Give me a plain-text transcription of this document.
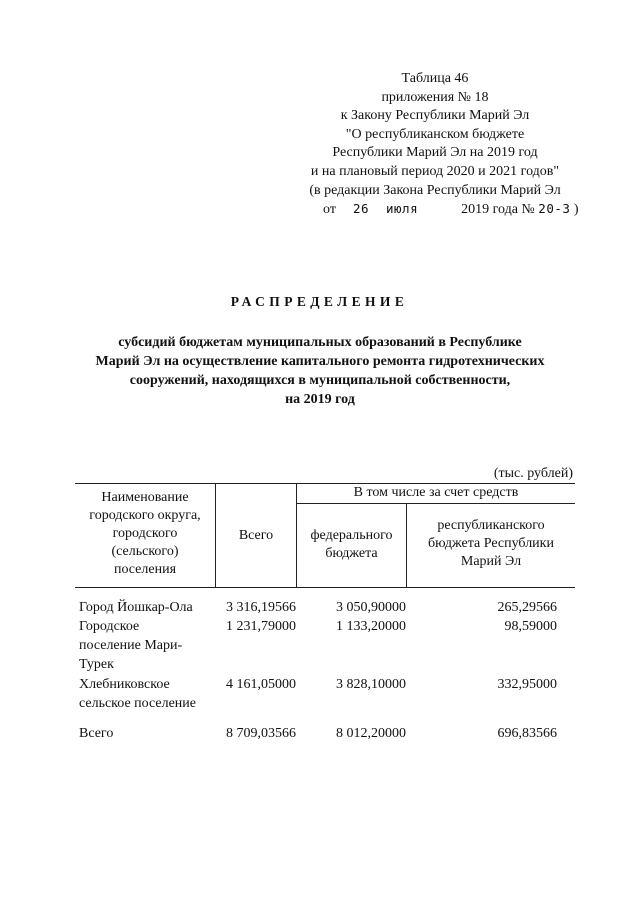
Таблица 46
приложения № 18
к Закону Республики Марий Эл
"О республиканском бюджете
Республики Марий Эл на 2019 год
и на плановый период 2020 и 2021 годов"
(в редакции Закона Республики Марий Эл
от 26 июля	2019 года № 20-З )
РАСПРЕДЕЛЕНИЕ
субсидий бюджетам муниципальных образований в Республике
Марий Эл на осуществление капитального ремонта гидротехнических
сооружений, находящихся в муниципальной собственности,
на 2019 год
(тыс. рублей)
Наименование
городского округа,
городского
(сельского)
поселения
Всего
В том числе за счет средств
федерального
бюджета
республиканского
бюджета Республики
Марий Эл
Город Йошкар-Ола	3 316,19566	3 050,90000	265,29566
Городское
поселение Мари-
Турек
1 231,79000	1 133,20000	98,59000
Хлебниковское
сельское поселение
4 161,05000	3 828,10000	332,95000
Всего	8 709,03566	8 012,20000	696,83566
